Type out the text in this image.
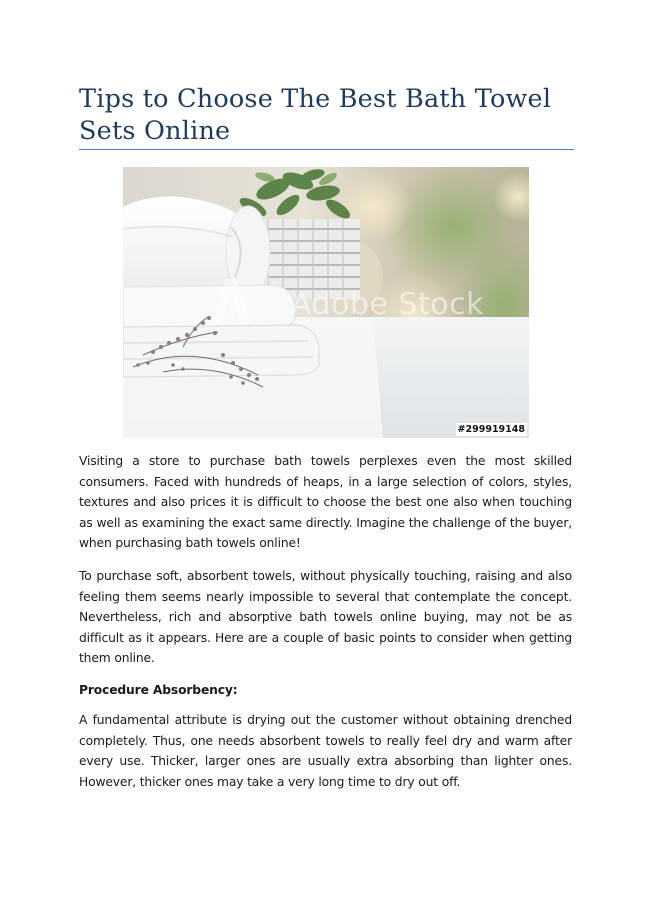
Tips to Choose The Best Bath Towel Sets Online
Adobe Stock
#299919148

Visiting a store to purchase bath towels perplexes even the most skilled consumers. Faced with hundreds of heaps, in a large selection of colors, styles, textures and also prices it is difficult to choose the best one also when touching as well as examining the exact same directly. Imagine the challenge of the buyer, when purchasing bath towels online!

To purchase soft, absorbent towels, without physically touching, raising and also feeling them seems nearly impossible to several that contemplate the concept. Nevertheless, rich and absorptive bath towels online buying, may not be as difficult as it appears. Here are a couple of basic points to consider when getting them online.

Procedure Absorbency:

A fundamental attribute is drying out the customer without obtaining drenched completely. Thus, one needs absorbent towels to really feel dry and warm after every use. Thicker, larger ones are usually extra absorbing than lighter ones. However, thicker ones may take a very long time to dry out off.
